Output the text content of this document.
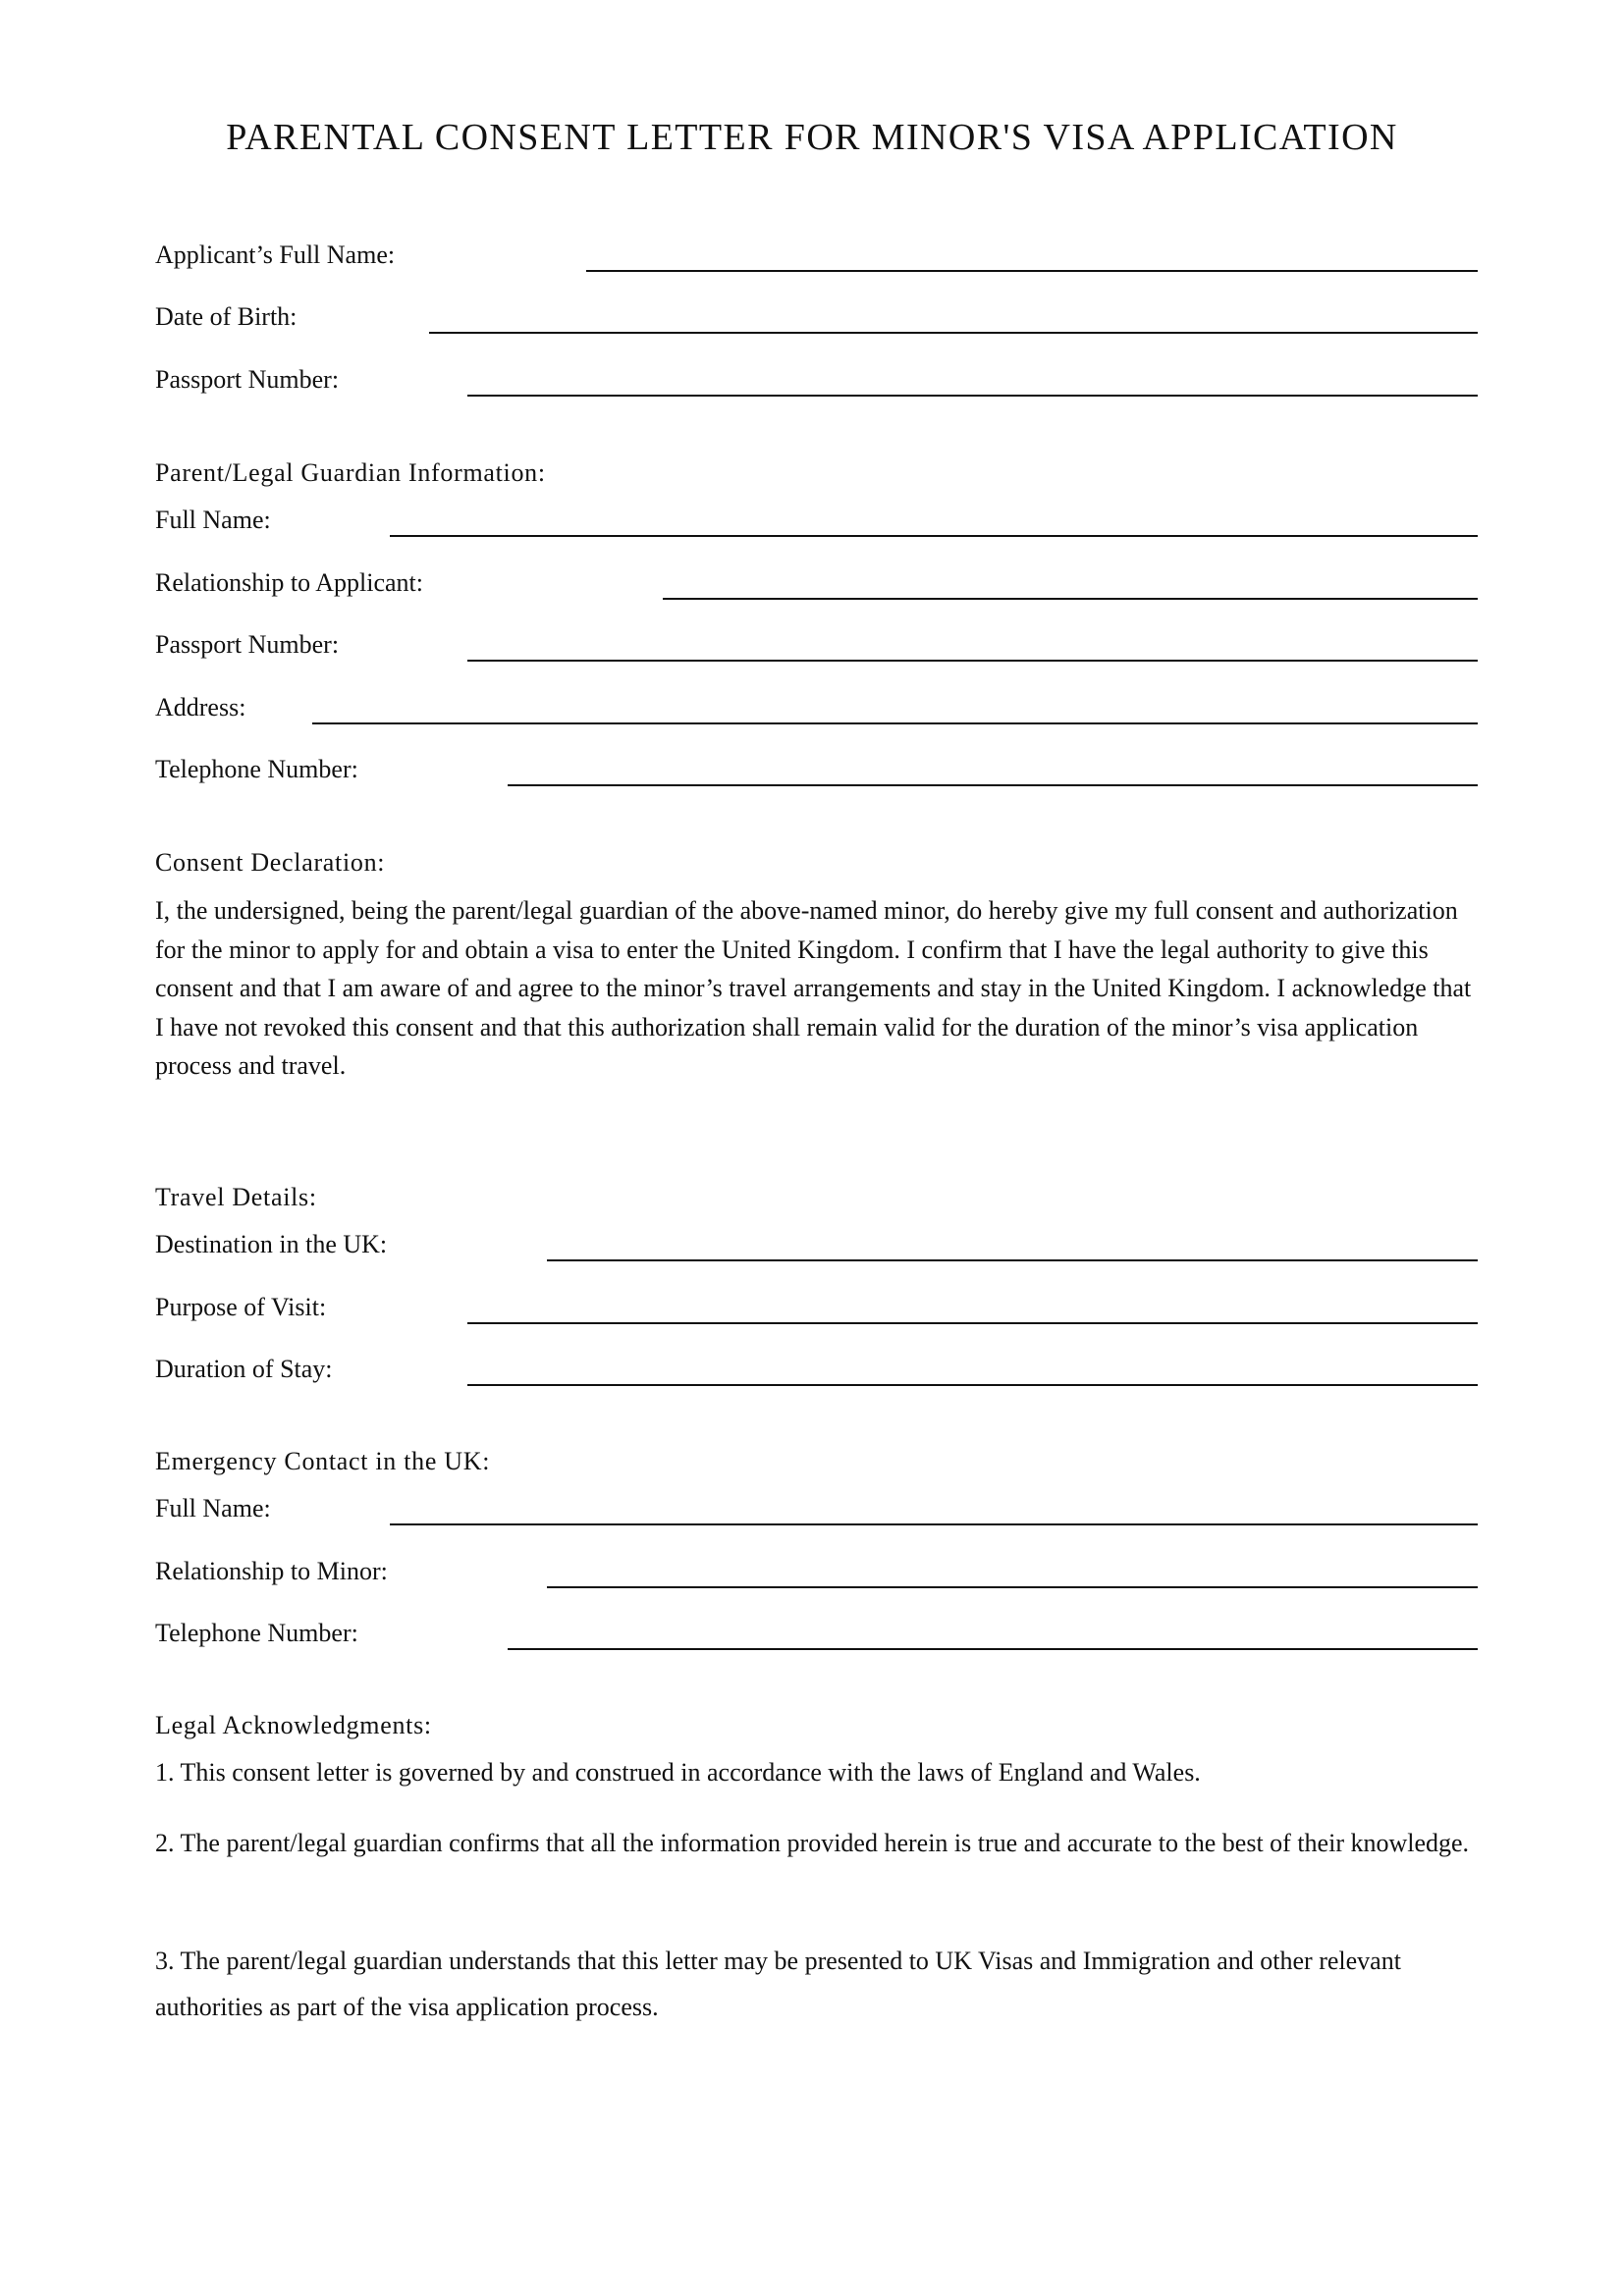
PARENTAL CONSENT LETTER FOR MINOR'S VISA APPLICATION
Applicant’s Full Name:
Date of Birth:
Passport Number:
Parent/Legal Guardian Information:
Full Name:
Relationship to Applicant:
Passport Number:
Address:
Telephone Number:
Consent Declaration:

I, the undersigned, being the parent/legal guardian of the above-named minor, do hereby give my full consent and authorization for the minor to apply for and obtain a visa to enter the United Kingdom. I confirm that I have the legal authority to give this consent and that I am aware of and agree to the minor’s travel arrangements and stay in the United Kingdom. I acknowledge that I have not revoked this consent and that this authorization shall remain valid for the duration of the minor’s visa application process and travel.

Travel Details:
Destination in the UK:
Purpose of Visit:
Duration of Stay:
Emergency Contact in the UK:
Full Name:
Relationship to Minor:
Telephone Number:
Legal Acknowledgments:

1. This consent letter is governed by and construed in accordance with the laws of England and Wales.

2. The parent/legal guardian confirms that all the information provided herein is true and accurate to the best of their knowledge.

3. The parent/legal guardian understands that this letter may be presented to UK Visas and Immigration and other relevant authorities as part of the visa application process.
